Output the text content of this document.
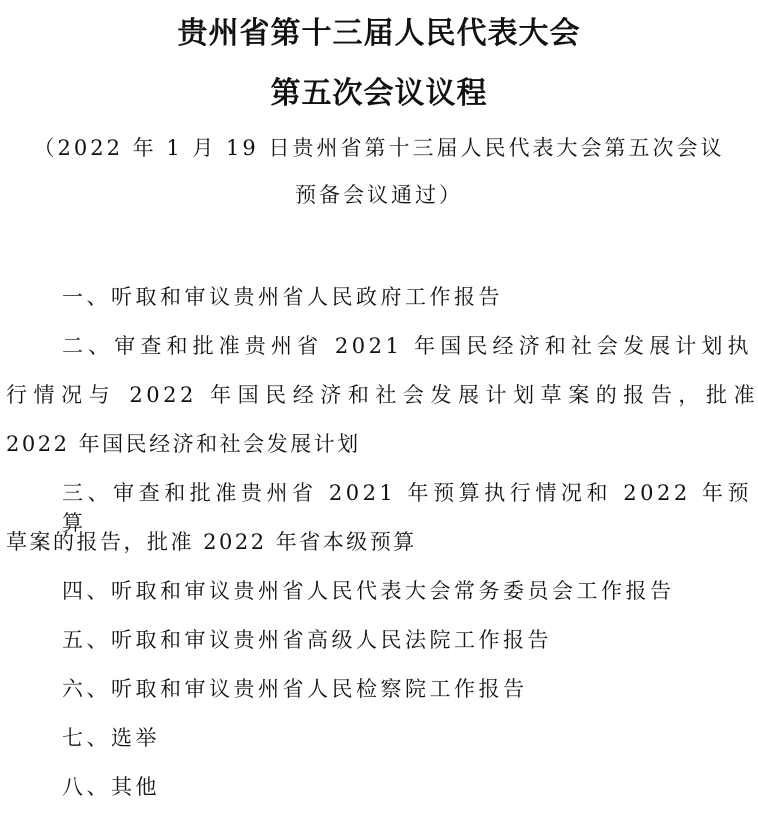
贵州省第十三届人民代表大会
第五次会议议程
（2022 年 1 月 19 日贵州省第十三届人民代表大会第五次会议
预备会议通过）
一、听取和审议贵州省人民政府工作报告
二、审查和批准贵州省 2021 年国民经济和社会发展计划执
行情况与 2022 年国民经济和社会发展计划草案的报告，批准
2022 年国民经济和社会发展计划
三、审查和批准贵州省 2021 年预算执行情况和 2022 年预算
草案的报告，批准 2022 年省本级预算
四、听取和审议贵州省人民代表大会常务委员会工作报告
五、听取和审议贵州省高级人民法院工作报告
六、听取和审议贵州省人民检察院工作报告
七、选举
八、其他
